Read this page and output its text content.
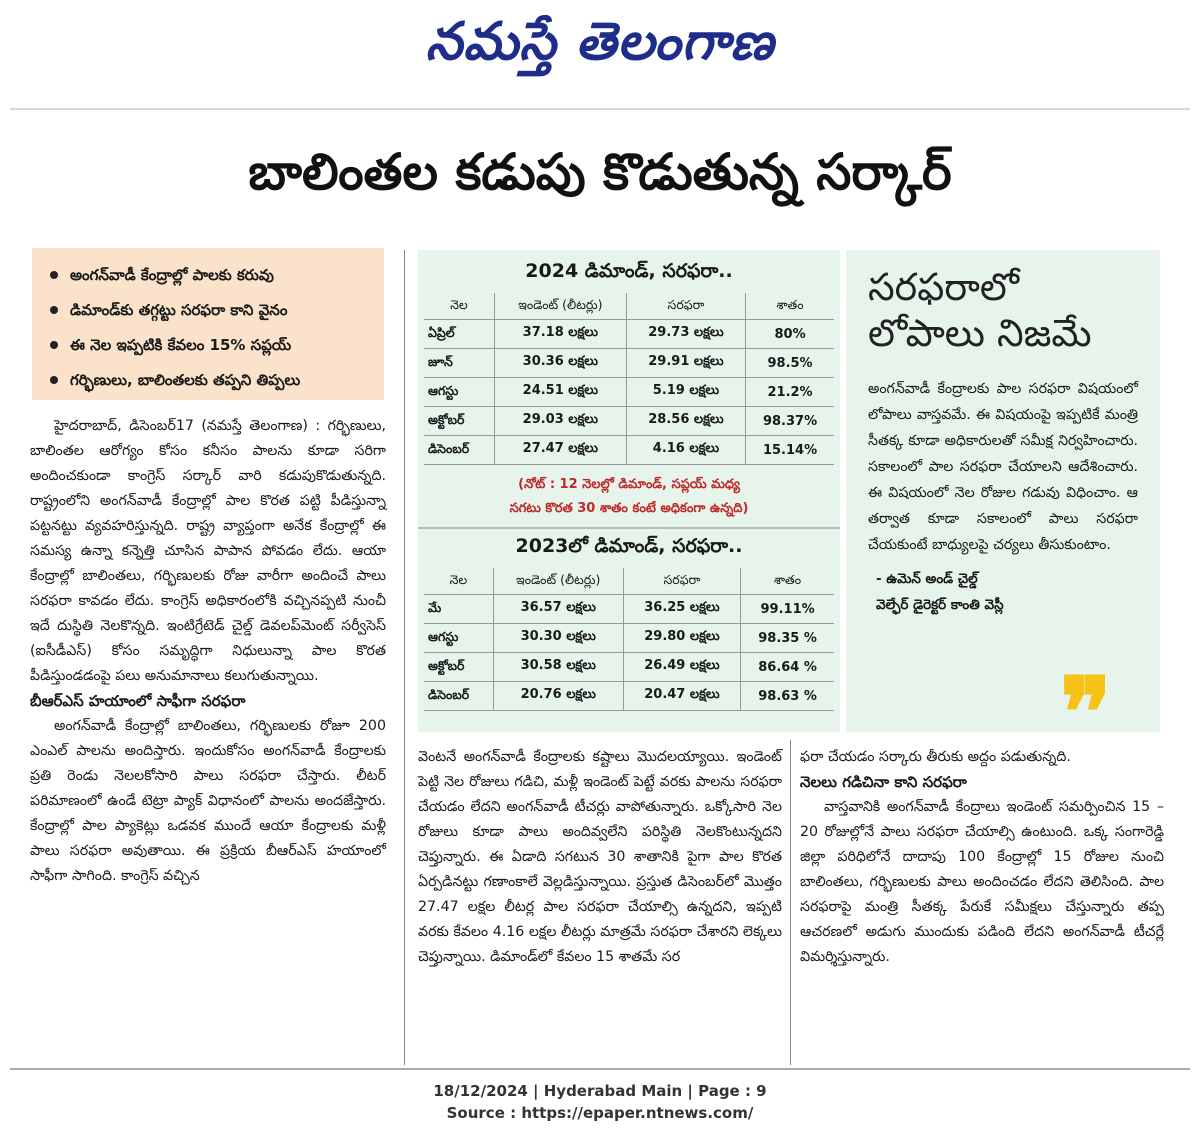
నమస్తే తెలంగాణ
బాలింతల కడుపు కొడుతున్న సర్కార్
అంగన్‌వాడీ కేంద్రాల్లో పాలకు కరువు
డిమాండ్‌కు తగ్గట్టు సరఫరా కాని వైనం
ఈ నెల ఇప్పటికి కేవలం 15% సప్లయ్
గర్భిణులు, బాలింతలకు తప్పని తిప్పలు

హైదరాబాద్, డిసెంబర్17 (నమస్తే తెలంగాణ) : గర్భిణులు, బాలింతల ఆరోగ్యం కోసం కనీసం పాలను కూడా సరిగా అందించకుండా కాంగ్రెస్ సర్కార్ వారి కడుపుకొడుతున్నది. రాష్ట్రంలోని అంగన్‌వాడీ కేంద్రాల్లో పాల కొరత పట్టి పీడిస్తున్నా పట్టనట్టు వ్యవహరిస్తున్నది. రాష్ట్ర వ్యాప్తంగా అనేక కేంద్రాల్లో ఈ సమస్య ఉన్నా కన్నెత్తి చూసిన పాపాన పోవడం లేదు. ఆయా కేంద్రాల్లో బాలింతలు, గర్భిణులకు రోజు వారీగా అందించే పాలు సరఫరా కావడం లేదు. కాంగ్రెస్ అధికారంలోకి వచ్చినప్పటి నుంచీ ఇదే దుస్థితి నెలకొన్నది. ఇంటిగ్రేటెడ్ చైల్డ్ డెవలప్‌మెంట్ సర్వీసెస్ (ఐసీడీఎస్) కోసం సమృద్ధిగా నిధులున్నా పాల కొరత పీడిస్తుండడంపై పలు అనుమానాలు కలుగుతున్నాయి.

బీఆర్‌ఎస్ హయాంలో సాఫీగా సరఫరా

అంగన్‌వాడీ కేంద్రాల్లో బాలింతలు, గర్భిణులకు రోజూ 200 ఎంఎల్ పాలను అందిస్తారు. ఇందుకోసం అంగన్‌వాడీ కేంద్రాలకు ప్రతి రెండు నెలలకోసారి పాలు సరఫరా చేస్తారు. లీటర్ పరిమాణంలో ఉండే టెట్రా ప్యాక్ విధానంలో పాలను అందజేస్తారు. కేంద్రాల్లో పాల ప్యాకెట్లు ఒడవక ముందే ఆయా కేంద్రాలకు మళ్లీ పాలు సరఫరా అవుతాయి. ఈ ప్రక్రియ బీఆర్‌ఎస్ హయాంలో సాఫీగా సాగింది. కాంగ్రెస్ వచ్చిన

2024 డిమాండ్, సరఫరా..
నెల	ఇండెంట్ (లీటర్లు)	సరఫరా	శాతం
ఏప్రిల్	37.18 లక్షలు	29.73 లక్షలు	80%
జూన్	30.36 లక్షలు	29.91 లక్షలు	98.5%
ఆగస్టు	24.51 లక్షలు	5.19 లక్షలు	21.2%
అక్టోబర్	29.03 లక్షలు	28.56 లక్షలు	98.37%
డిసెంబర్	27.47 లక్షలు	4.16 లక్షలు	15.14%
(నోట్ : 12 నెలల్లో డిమాండ్, సప్లయ్ మధ్య
సగటు కొరత 30 శాతం కంటే అధికంగా ఉన్నది)
2023లో డిమాండ్, సరఫరా..
నెల	ఇండెంట్ (లీటర్లు)	సరఫరా	శాతం
మే	36.57 లక్షలు	36.25 లక్షలు	99.11%
ఆగస్టు	30.30 లక్షలు	29.80 లక్షలు	98.35 %
అక్టోబర్	30.58 లక్షలు	26.49 లక్షలు	86.64 %
డిసెంబర్	20.76 లక్షలు	20.47 లక్షలు	98.63 %
సరఫరాలో
లోపాలు నిజమే
అంగన్‌వాడీ కేంద్రాలకు పాల సరఫరా విషయంలో లోపాలు వాస్తవమే. ఈ విషయంపై ఇప్పటికే మంత్రి సీతక్క కూడా అధికారులతో సమీక్ష నిర్వహించారు. సకాలంలో పాల సరఫరా చేయాలని ఆదేశించారు. ఈ విషయంలో నెల రోజుల గడువు విధించాం. ఆ తర్వాత కూడా సకాలంలో పాలు సరఫరా చేయకుంటే బాధ్యులపై చర్యలు తీసుకుంటాం.
- ఉమెన్ అండ్ చైల్డ్
వెల్ఫేర్ డైరెక్టర్ కాంతి వెస్లీ
❞

వెంటనే అంగన్‌వాడీ కేంద్రాలకు కష్టాలు మొదలయ్యాయి. ఇండెంట్ పెట్టి నెల రోజులు గడిచి, మళ్లీ ఇండెంట్ పెట్టే వరకు పాలను సరఫరా చేయడం లేదని అంగన్‌వాడీ టీచర్లు వాపోతున్నారు. ఒక్కోసారి నెల రోజులు కూడా పాలు అందివ్వలేని పరిస్థితి నెలకొంటున్నదని చెప్తున్నారు. ఈ ఏడాది సగటున 30 శాతానికి పైగా పాల కొరత ఏర్పడినట్టు గణాంకాలే వెల్లడిస్తున్నాయి. ప్రస్తుత డిసెంబర్‌లో మొత్తం 27.47 లక్షల లీటర్ల పాల సరఫరా చేయాల్సి ఉన్నదని, ఇప్పటి వరకు కేవలం 4.16 లక్షల లీటర్లు మాత్రమే సరఫరా చేశారని లెక్కలు చెప్తున్నాయి. డిమాండ్‌లో కేవలం 15 శాతమే సర

ఫరా చేయడం సర్కారు తీరుకు అద్దం పడుతున్నది.

నెలలు గడిచినా కాని సరఫరా

వాస్తవానికి అంగన్‌వాడీ కేంద్రాలు ఇండెంట్ సమర్పించిన 15 – 20 రోజుల్లోనే పాలు సరఫరా చేయాల్సి ఉంటుంది. ఒక్క సంగారెడ్డి జిల్లా పరిధిలోనే దాదాపు 100 కేంద్రాల్లో 15 రోజుల నుంచి బాలింతలు, గర్భిణులకు పాలు అందించడం లేదని తెలిసింది. పాల సరఫరాపై మంత్రి సీతక్క పేరుకే సమీక్షలు చేస్తున్నారు తప్ప ఆచరణలో అడుగు ముందుకు పడింది లేదని అంగన్‌వాడీ టీచర్లే విమర్శిస్తున్నారు.

18/12/2024 | Hyderabad Main | Page : 9
Source : https://epaper.ntnews.com/
